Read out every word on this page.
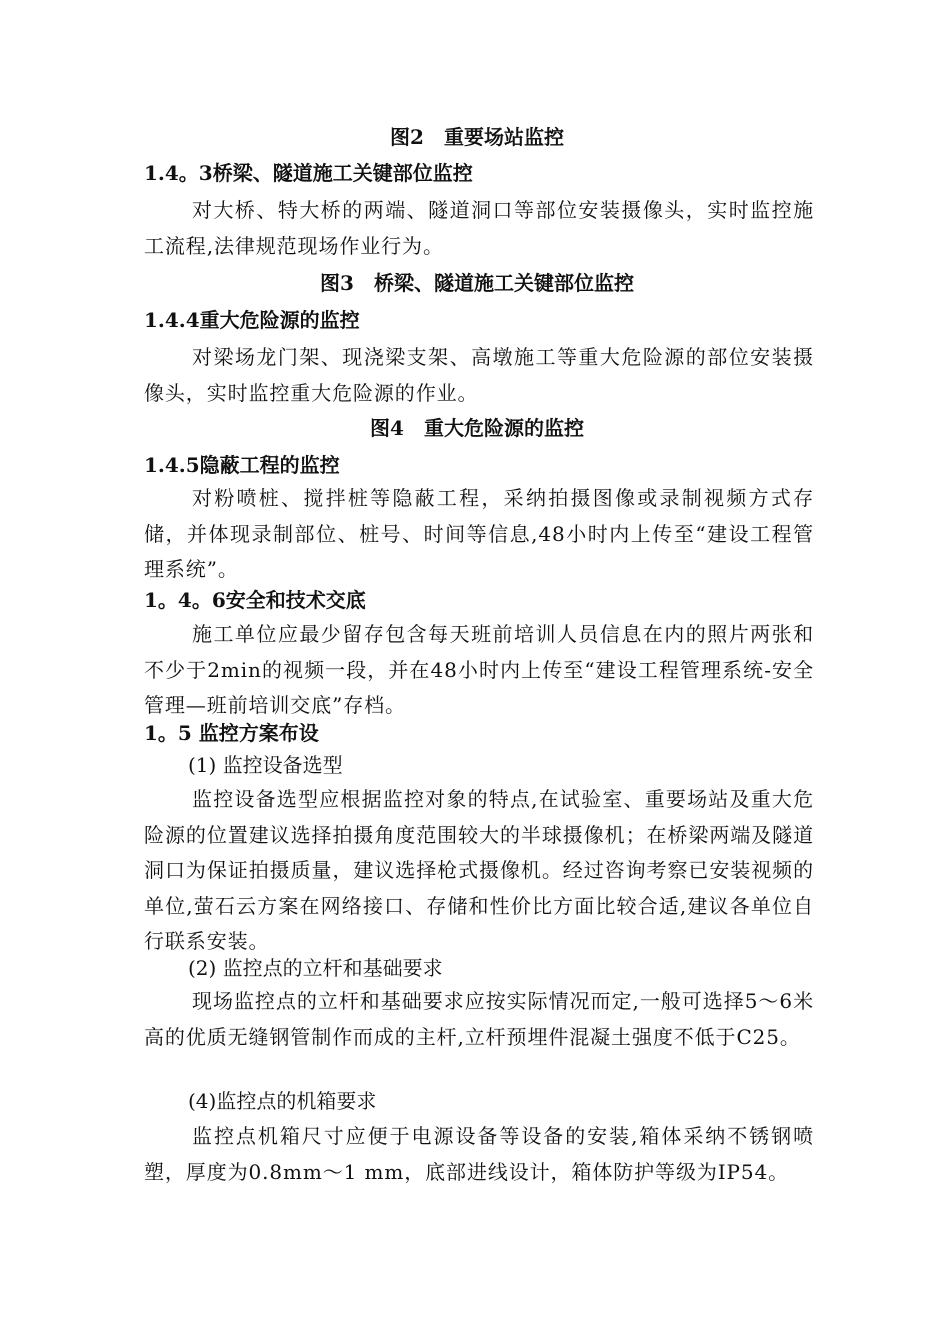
图2　重要场站监控

1.4。3桥梁、隧道施工关键部位监控

对大桥、特大桥的两端、隧道洞口等部位安装摄像头，实时监控施工流程,法律规范现场作业行为。

图3　桥梁、隧道施工关键部位监控

1.4.4重大危险源的监控

对梁场龙门架、现浇梁支架、高墩施工等重大危险源的部位安装摄像头，实时监控重大危险源的作业。

图4　重大危险源的监控

1.4.5隐蔽工程的监控

对粉喷桩、搅拌桩等隐蔽工程，采纳拍摄图像或录制视频方式存储，并体现录制部位、桩号、时间等信息,48小时内上传至“建设工程管理系统”。

1。4。6安全和技术交底

施工单位应最少留存包含每天班前培训人员信息在内的照片两张和不少于2min的视频一段，并在48小时内上传至“建设工程管理系统-安全管理—班前培训交底”存档。

1。5 监控方案布设

(1) 监控设备选型

监控设备选型应根据监控对象的特点,在试验室、重要场站及重大危险源的位置建议选择拍摄角度范围较大的半球摄像机；在桥梁两端及隧道洞口为保证拍摄质量，建议选择枪式摄像机。经过咨询考察已安装视频的单位,萤石云方案在网络接口、存储和性价比方面比较合适,建议各单位自行联系安装。

(2) 监控点的立杆和基础要求

现场监控点的立杆和基础要求应按实际情况而定,一般可选择5～6米高的优质无缝钢管制作而成的主杆,立杆预埋件混凝土强度不低于C25。

(4)监控点的机箱要求

监控点机箱尺寸应便于电源设备等设备的安装,箱体采纳不锈钢喷塑，厚度为0.8mm～1 mm，底部进线设计，箱体防护等级为IP54。
